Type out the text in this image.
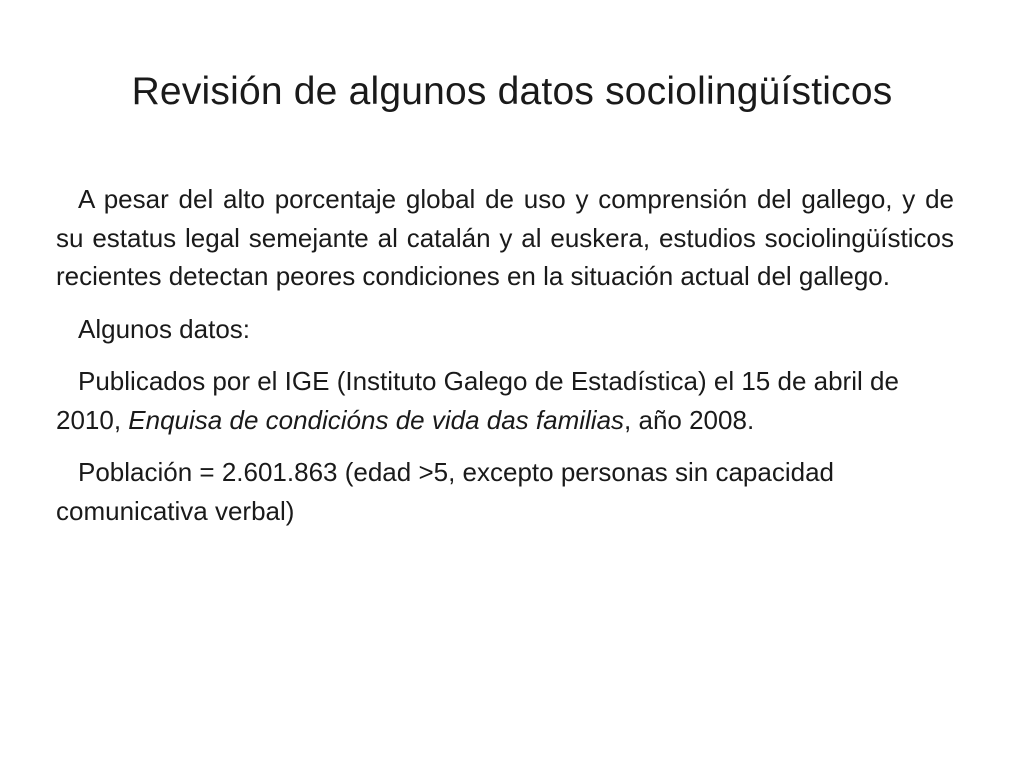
Revisión de algunos datos sociolingüísticos

A pesar del alto porcentaje global de uso y comprensión del gallego, y de su estatus legal semejante al catalán y al euskera, estudios sociolingüísticos recientes detectan peores condiciones en la situación actual del gallego.

Algunos datos:

Publicados por el IGE (Instituto Galego de Estadística) el 15 de abril de 2010, Enquisa de condicións de vida das familias, año 2008.

Población = 2.601.863 (edad >5, excepto personas sin capacidad comunicativa verbal)
